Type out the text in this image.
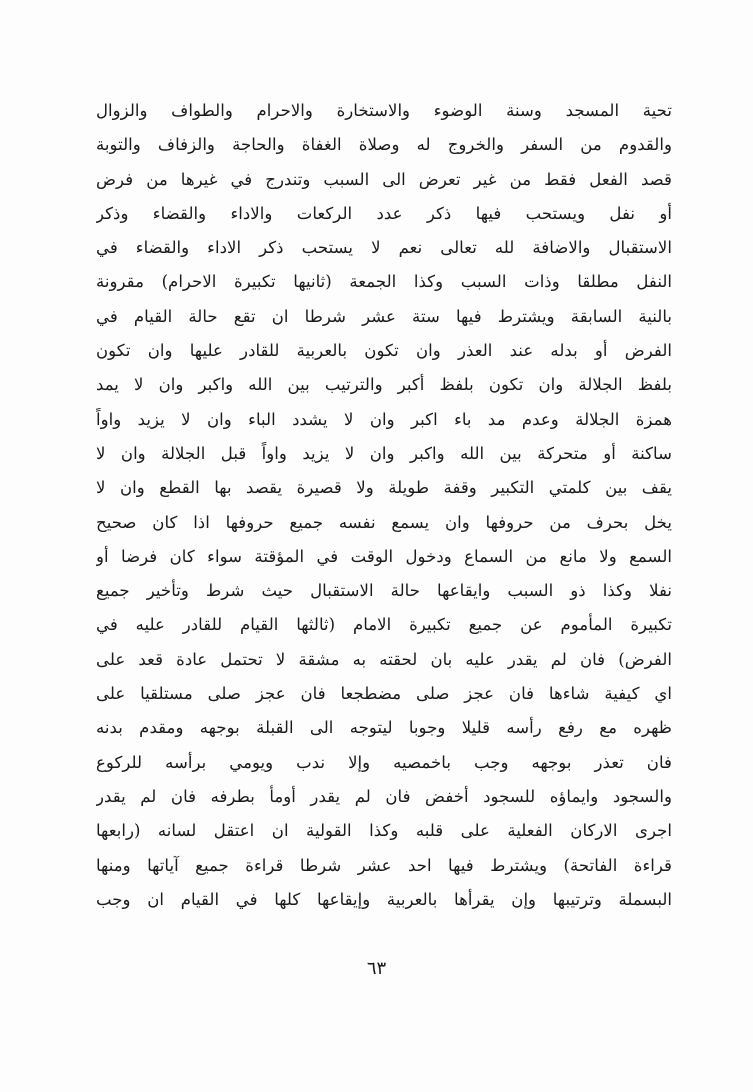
تحية المسجد وسنة الوضوء والاستخارة والاحرام والطواف والزوال
والقدوم من السفر والخروج له وصلاة الغفاة والحاجة والزفاف والتوبة
قصد الفعل فقط من غير تعرض الى السبب وتندرج في غيرها من فرض
أو نفل ويستحب فيها ذكر عدد الركعات والاداء والقضاء وذكر
الاستقبال والاضافة لله تعالى نعم لا يستحب ذكر الاداء والقضاء في
النفل مطلقا وذات السبب وكذا الجمعة (ثانيها تكبيرة الاحرام) مقرونة
بالنية السابقة ويشترط فيها ستة عشر شرطا ان تقع حالة القيام في
الفرض أو بدله عند العذر وان تكون بالعربية للقادر عليها وان تكون
بلفظ الجلالة وان تكون بلفظ أكبر والترتيب بين الله واكبر وان لا يمد
همزة الجلالة وعدم مد باء اكبر وان لا يشدد الباء وان لا يزيد واواً
ساكنة أو متحركة بين الله واكبر وان لا يزيد واواً قبل الجلالة وان لا
يقف بين كلمتي التكبير وقفة طويلة ولا قصيرة يقصد بها القطع وان لا
يخل بحرف من حروفها وان يسمع نفسه جميع حروفها اذا كان صحيح
السمع ولا مانع من السماع ودخول الوقت في المؤقتة سواء كان فرضا أو
نفلا وكذا ذو السبب وايقاعها حالة الاستقبال حيث شرط وتأخير جميع
تكبيرة المأموم عن جميع تكبيرة الامام (ثالثها القيام للقادر عليه في
الفرض) فان لم يقدر عليه بان لحقته به مشقة لا تحتمل عادة قعد على
اي كيفية شاءها فان عجز صلى مضطجعا فان عجز صلى مستلقيا على
ظهره مع رفع رأسه قليلا وجوبا ليتوجه الى القبلة بوجهه ومقدم بدنه
فان تعذر بوجهه وجب باخمصيه وإلا ندب ويومي برأسه للركوع
والسجود وايماؤه للسجود أخفض فان لم يقدر أومأ بطرفه فان لم يقدر
اجرى الاركان الفعلية على قلبه وكذا القولية ان اعتقل لسانه (رابعها
قراءة الفاتحة) ويشترط فيها احد عشر شرطا قراءة جميع آياتها ومنها
البسملة وترتيبها وإن يقرأها بالعربية وإيقاعها كلها في القيام ان وجب
٦٣
